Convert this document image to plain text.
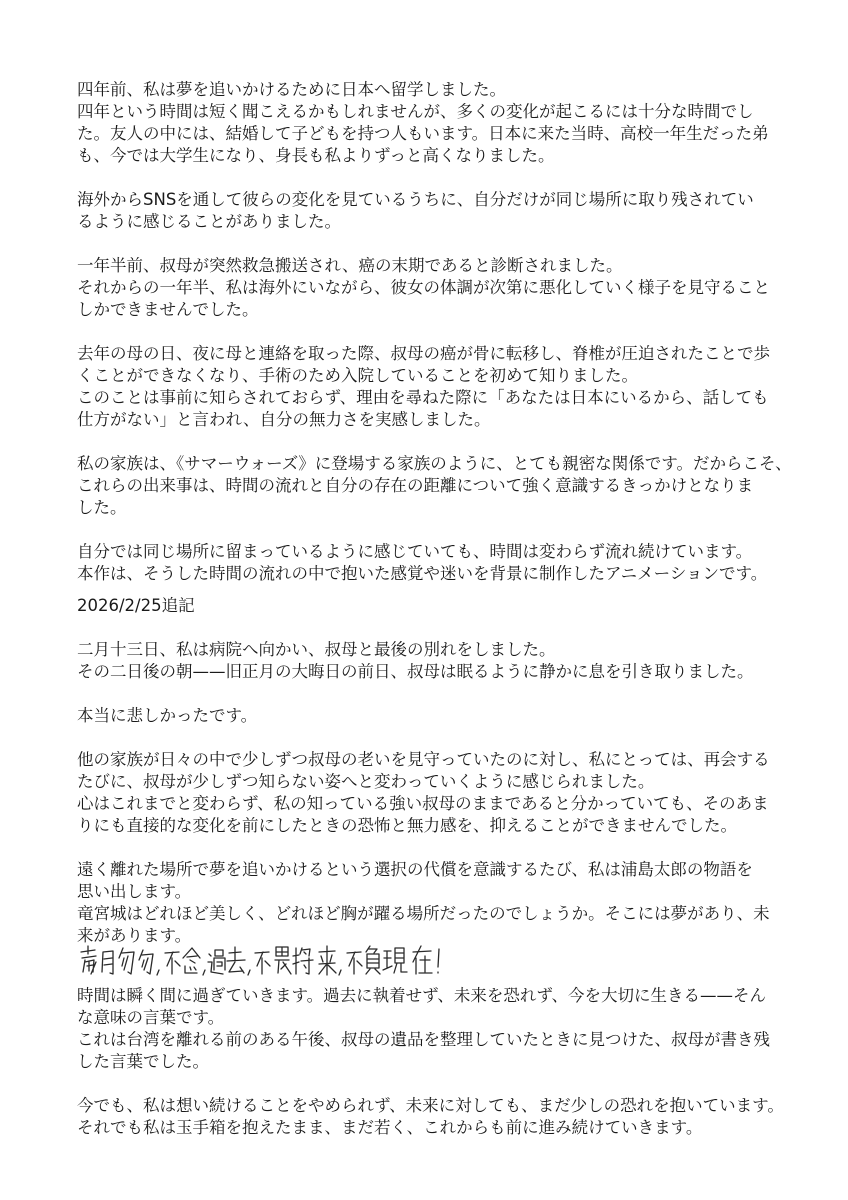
四年前、私は夢を追いかけるために日本へ留学しました。

四年という時間は短く聞こえるかもしれませんが、多くの変化が起こるには十分な時間でし

た。友人の中には、結婚して子どもを持つ人もいます。日本に来た当時、高校一年生だった弟

も、今では大学生になり、身長も私よりずっと高くなりました。

海外からSNSを通して彼らの変化を見ているうちに、自分だけが同じ場所に取り残されてい

るように感じることがありました。

一年半前、叔母が突然救急搬送され、癌の末期であると診断されました。

それからの一年半、私は海外にいながら、彼女の体調が次第に悪化していく様子を見守ること

しかできませんでした。

去年の母の日、夜に母と連絡を取った際、叔母の癌が骨に転移し、脊椎が圧迫されたことで歩

くことができなくなり、手術のため入院していることを初めて知りました。

このことは事前に知らされておらず、理由を尋ねた際に「あなたは日本にいるから、話しても

仕方がない」と言われ、自分の無力さを実感しました。

私の家族は、《サマーウォーズ》に登場する家族のように、とても親密な関係です。だからこそ、

これらの出来事は、時間の流れと自分の存在の距離について強く意識するきっかけとなりま

した。

自分では同じ場所に留まっているように感じていても、時間は変わらず流れ続けています。

本作は、そうした時間の流れの中で抱いた感覚や迷いを背景に制作したアニメーションです。

2026/2/25追記

二月十三日、私は病院へ向かい、叔母と最後の別れをしました。

その二日後の朝——旧正月の大晦日の前日、叔母は眠るように静かに息を引き取りました。

本当に悲しかったです。

他の家族が日々の中で少しずつ叔母の老いを見守っていたのに対し、私にとっては、再会する

たびに、叔母が少しずつ知らない姿へと変わっていくように感じられました。

心はこれまでと変わらず、私の知っている強い叔母のままであると分かっていても、そのあま

りにも直接的な変化を前にしたときの恐怖と無力感を、抑えることができませんでした。

遠く離れた場所で夢を追いかけるという選択の代償を意識するたび、私は浦島太郎の物語を

思い出します。

竜宮城はどれほど美しく、どれほど胸が躍る場所だったのでしょうか。そこには夢があり、未

来があります。

時間は瞬く間に過ぎていきます。過去に執着せず、未来を恐れず、今を大切に生きる——そん

な意味の言葉です。

これは台湾を離れる前のある午後、叔母の遺品を整理していたときに見つけた、叔母が書き残

した言葉でした。

今でも、私は想い続けることをやめられず、未来に対しても、まだ少しの恐れを抱いています。

それでも私は玉手箱を抱えたまま、まだ若く、これからも前に進み続けていきます。
